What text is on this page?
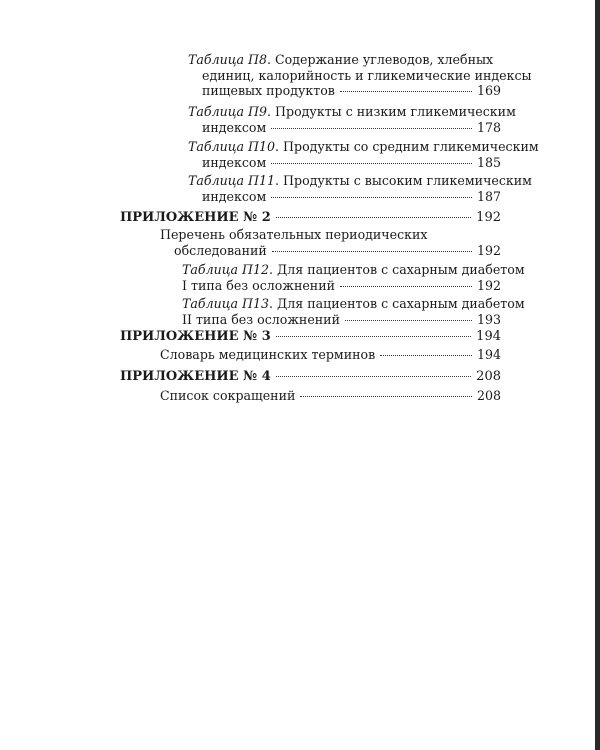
Таблица П8. Содержание углеводов, хлебных
единиц, калорийность и гликемические индексы
пищевых продуктов	169
Таблица П9. Продукты с низким гликемическим
индексом	178
Таблица П10. Продукты со средним гликемическим
индексом	185
Таблица П11. Продукты с высоким гликемическим
индексом	187
ПРИЛОЖЕНИЕ № 2	192
Перечень обязательных периодических
обследований	192
Таблица П12. Для пациентов с сахарным диабетом
I типа без осложнений	192
Таблица П13. Для пациентов с сахарным диабетом
II типа без осложнений	193
ПРИЛОЖЕНИЕ № 3	194
Словарь медицинских терминов	194
ПРИЛОЖЕНИЕ № 4	208
Список сокращений	208
